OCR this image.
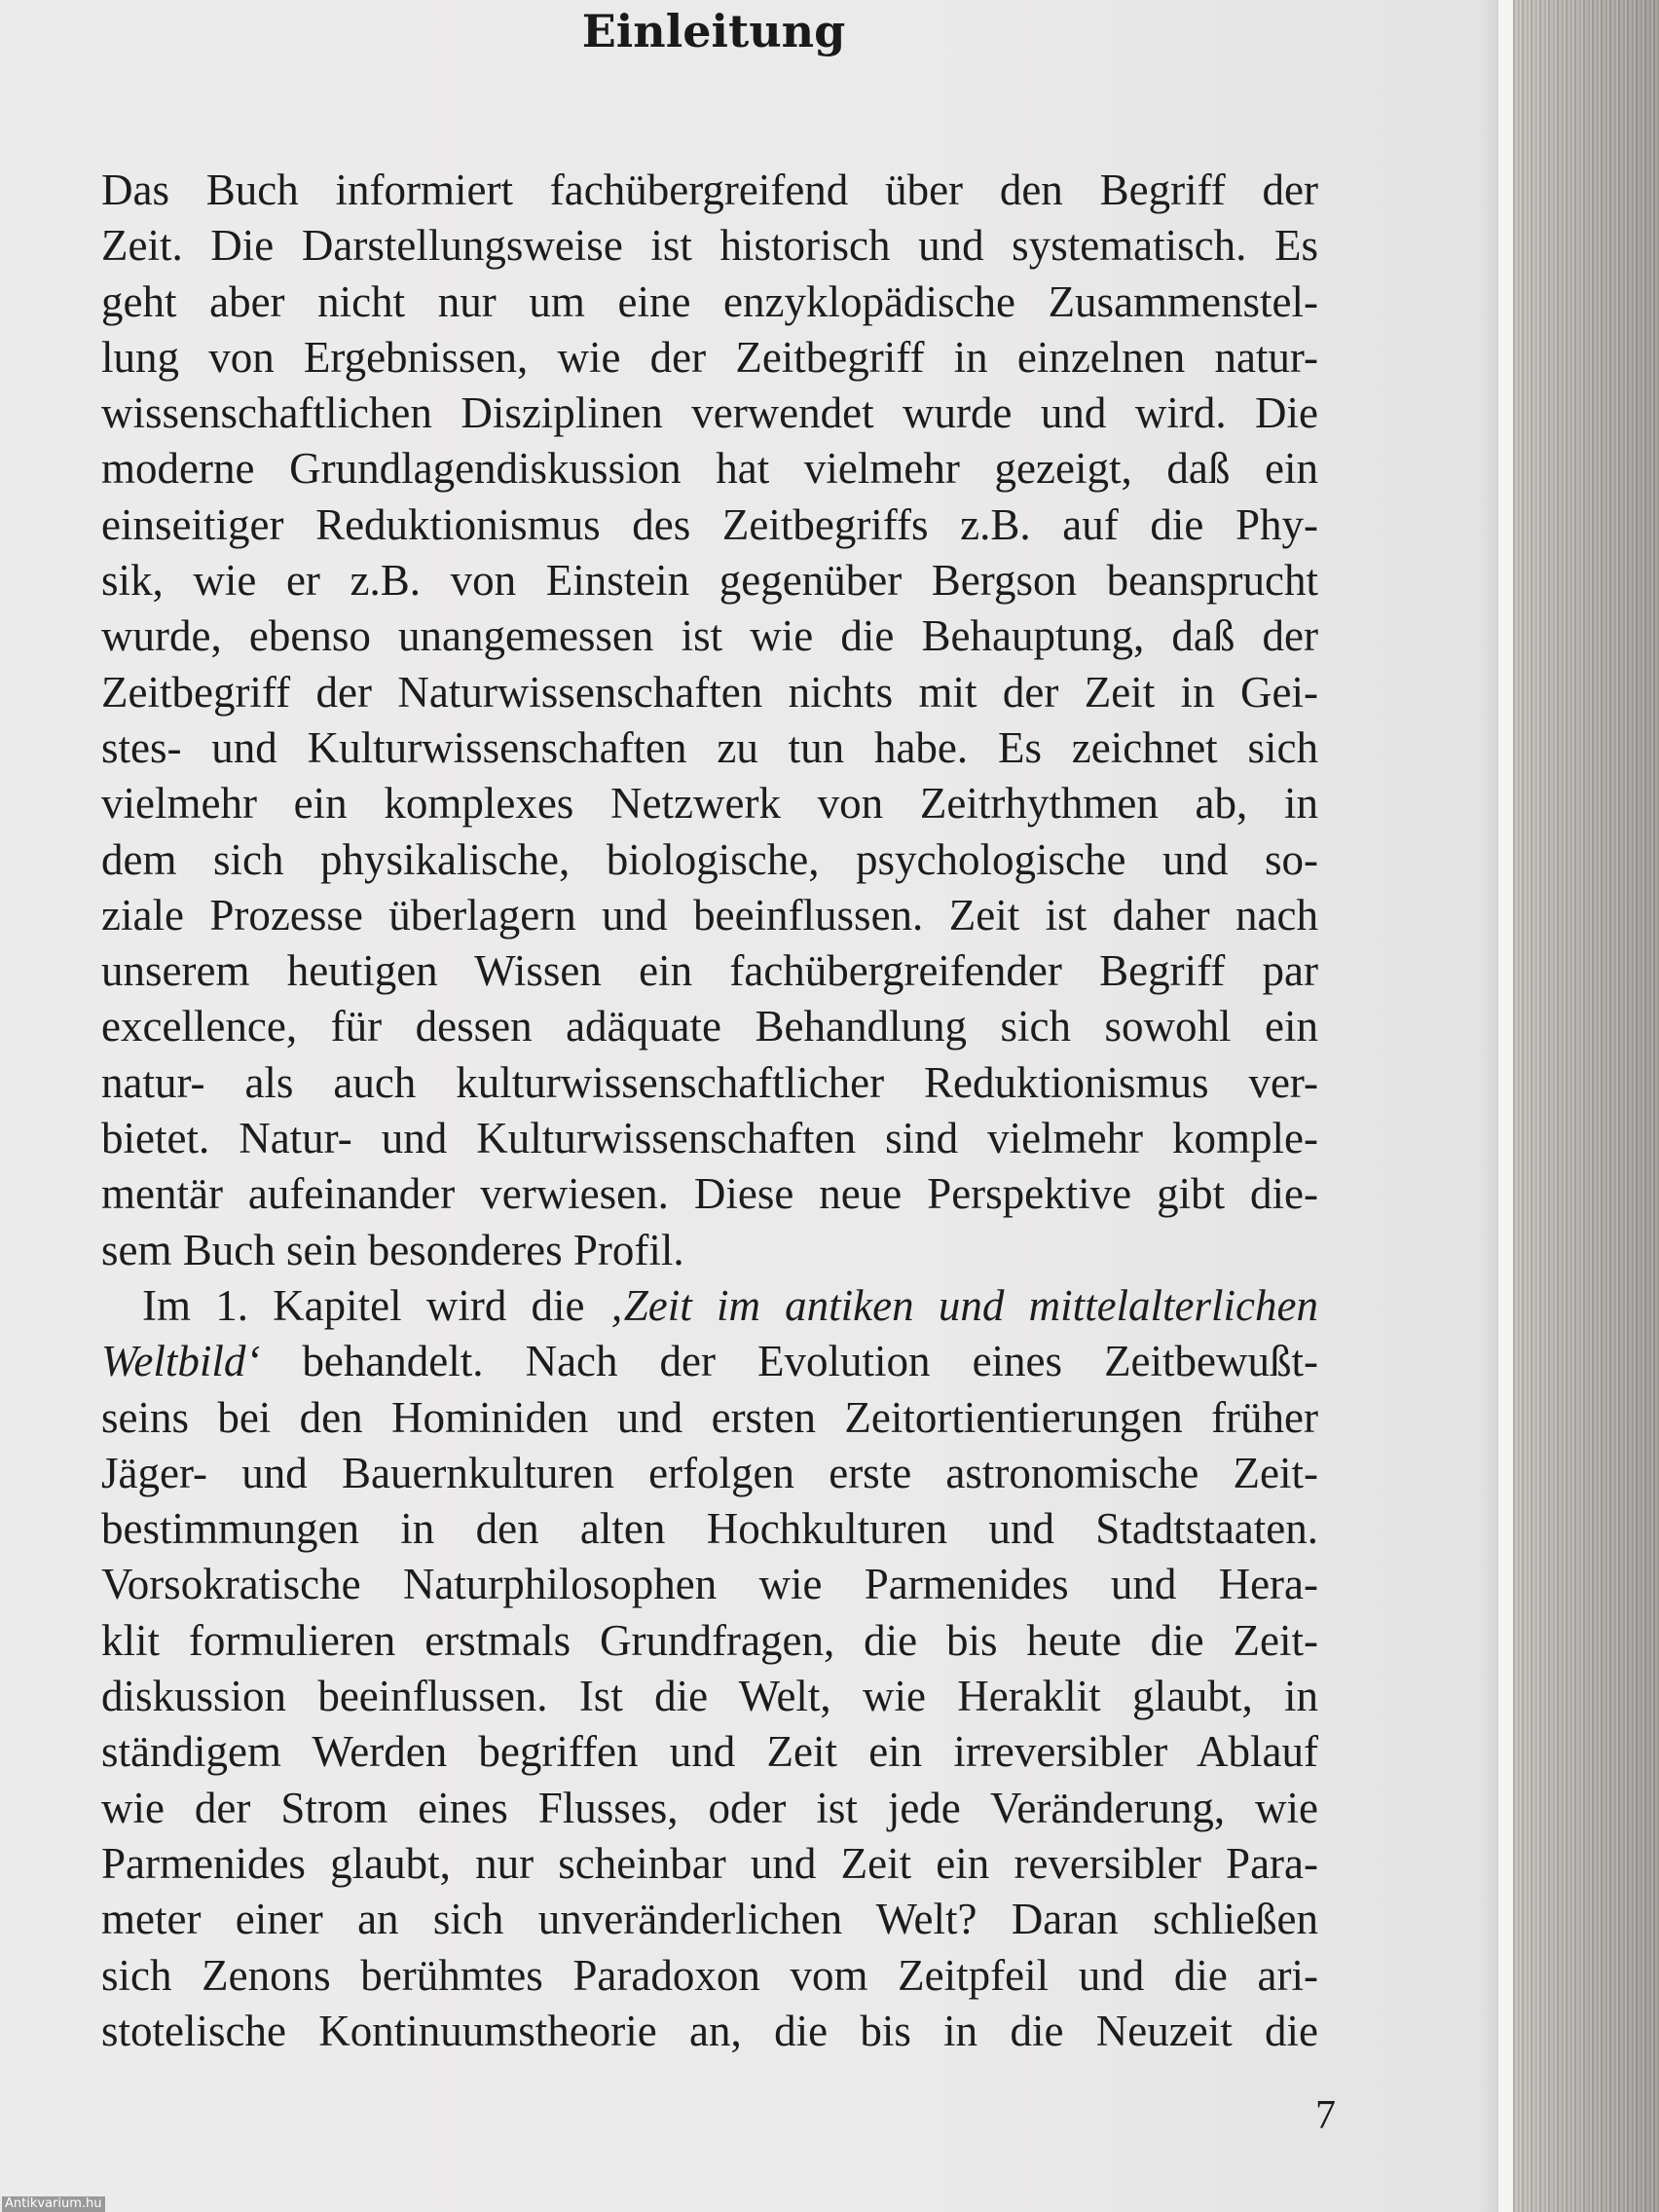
Einleitung
Das Buch informiert fachübergreifend über den Begriff der
Zeit. Die Darstellungsweise ist historisch und systematisch. Es
geht aber nicht nur um eine enzyklopädische Zusammenstel-
lung von Ergebnissen, wie der Zeitbegriff in einzelnen natur-
wissenschaftlichen Disziplinen verwendet wurde und wird. Die
moderne Grundlagendiskussion hat vielmehr gezeigt, daß ein
einseitiger Reduktionismus des Zeitbegriffs z.B. auf die Phy-
sik, wie er z.B. von Einstein gegenüber Bergson beansprucht
wurde, ebenso unangemessen ist wie die Behauptung, daß der
Zeitbegriff der Naturwissenschaften nichts mit der Zeit in Gei-
stes- und Kulturwissenschaften zu tun habe. Es zeichnet sich
vielmehr ein komplexes Netzwerk von Zeitrhythmen ab, in
dem sich physikalische, biologische, psychologische und so-
ziale Prozesse überlagern und beeinflussen. Zeit ist daher nach
unserem heutigen Wissen ein fachübergreifender Begriff par
excellence, für dessen adäquate Behandlung sich sowohl ein
natur- als auch kulturwissenschaftlicher Reduktionismus ver-
bietet. Natur- und Kulturwissenschaften sind vielmehr komple-
mentär aufeinander verwiesen. Diese neue Perspektive gibt die-
sem Buch sein besonderes Profil.
Im 1. Kapitel wird die ‚Zeit im antiken und mittelalterlichen
Weltbild‘ behandelt. Nach der Evolution eines Zeitbewußt-
seins bei den Hominiden und ersten Zeitortientierungen früher
Jäger- und Bauernkulturen erfolgen erste astronomische Zeit-
bestimmungen in den alten Hochkulturen und Stadtstaaten.
Vorsokratische Naturphilosophen wie Parmenides und Hera-
klit formulieren erstmals Grundfragen, die bis heute die Zeit-
diskussion beeinflussen. Ist die Welt, wie Heraklit glaubt, in
ständigem Werden begriffen und Zeit ein irreversibler Ablauf
wie der Strom eines Flusses, oder ist jede Veränderung, wie
Parmenides glaubt, nur scheinbar und Zeit ein reversibler Para-
meter einer an sich unveränderlichen Welt? Daran schließen
sich Zenons berühmtes Paradoxon vom Zeitpfeil und die ari-
stotelische Kontinuumstheorie an, die bis in die Neuzeit die
7
Antikvarium.hu
